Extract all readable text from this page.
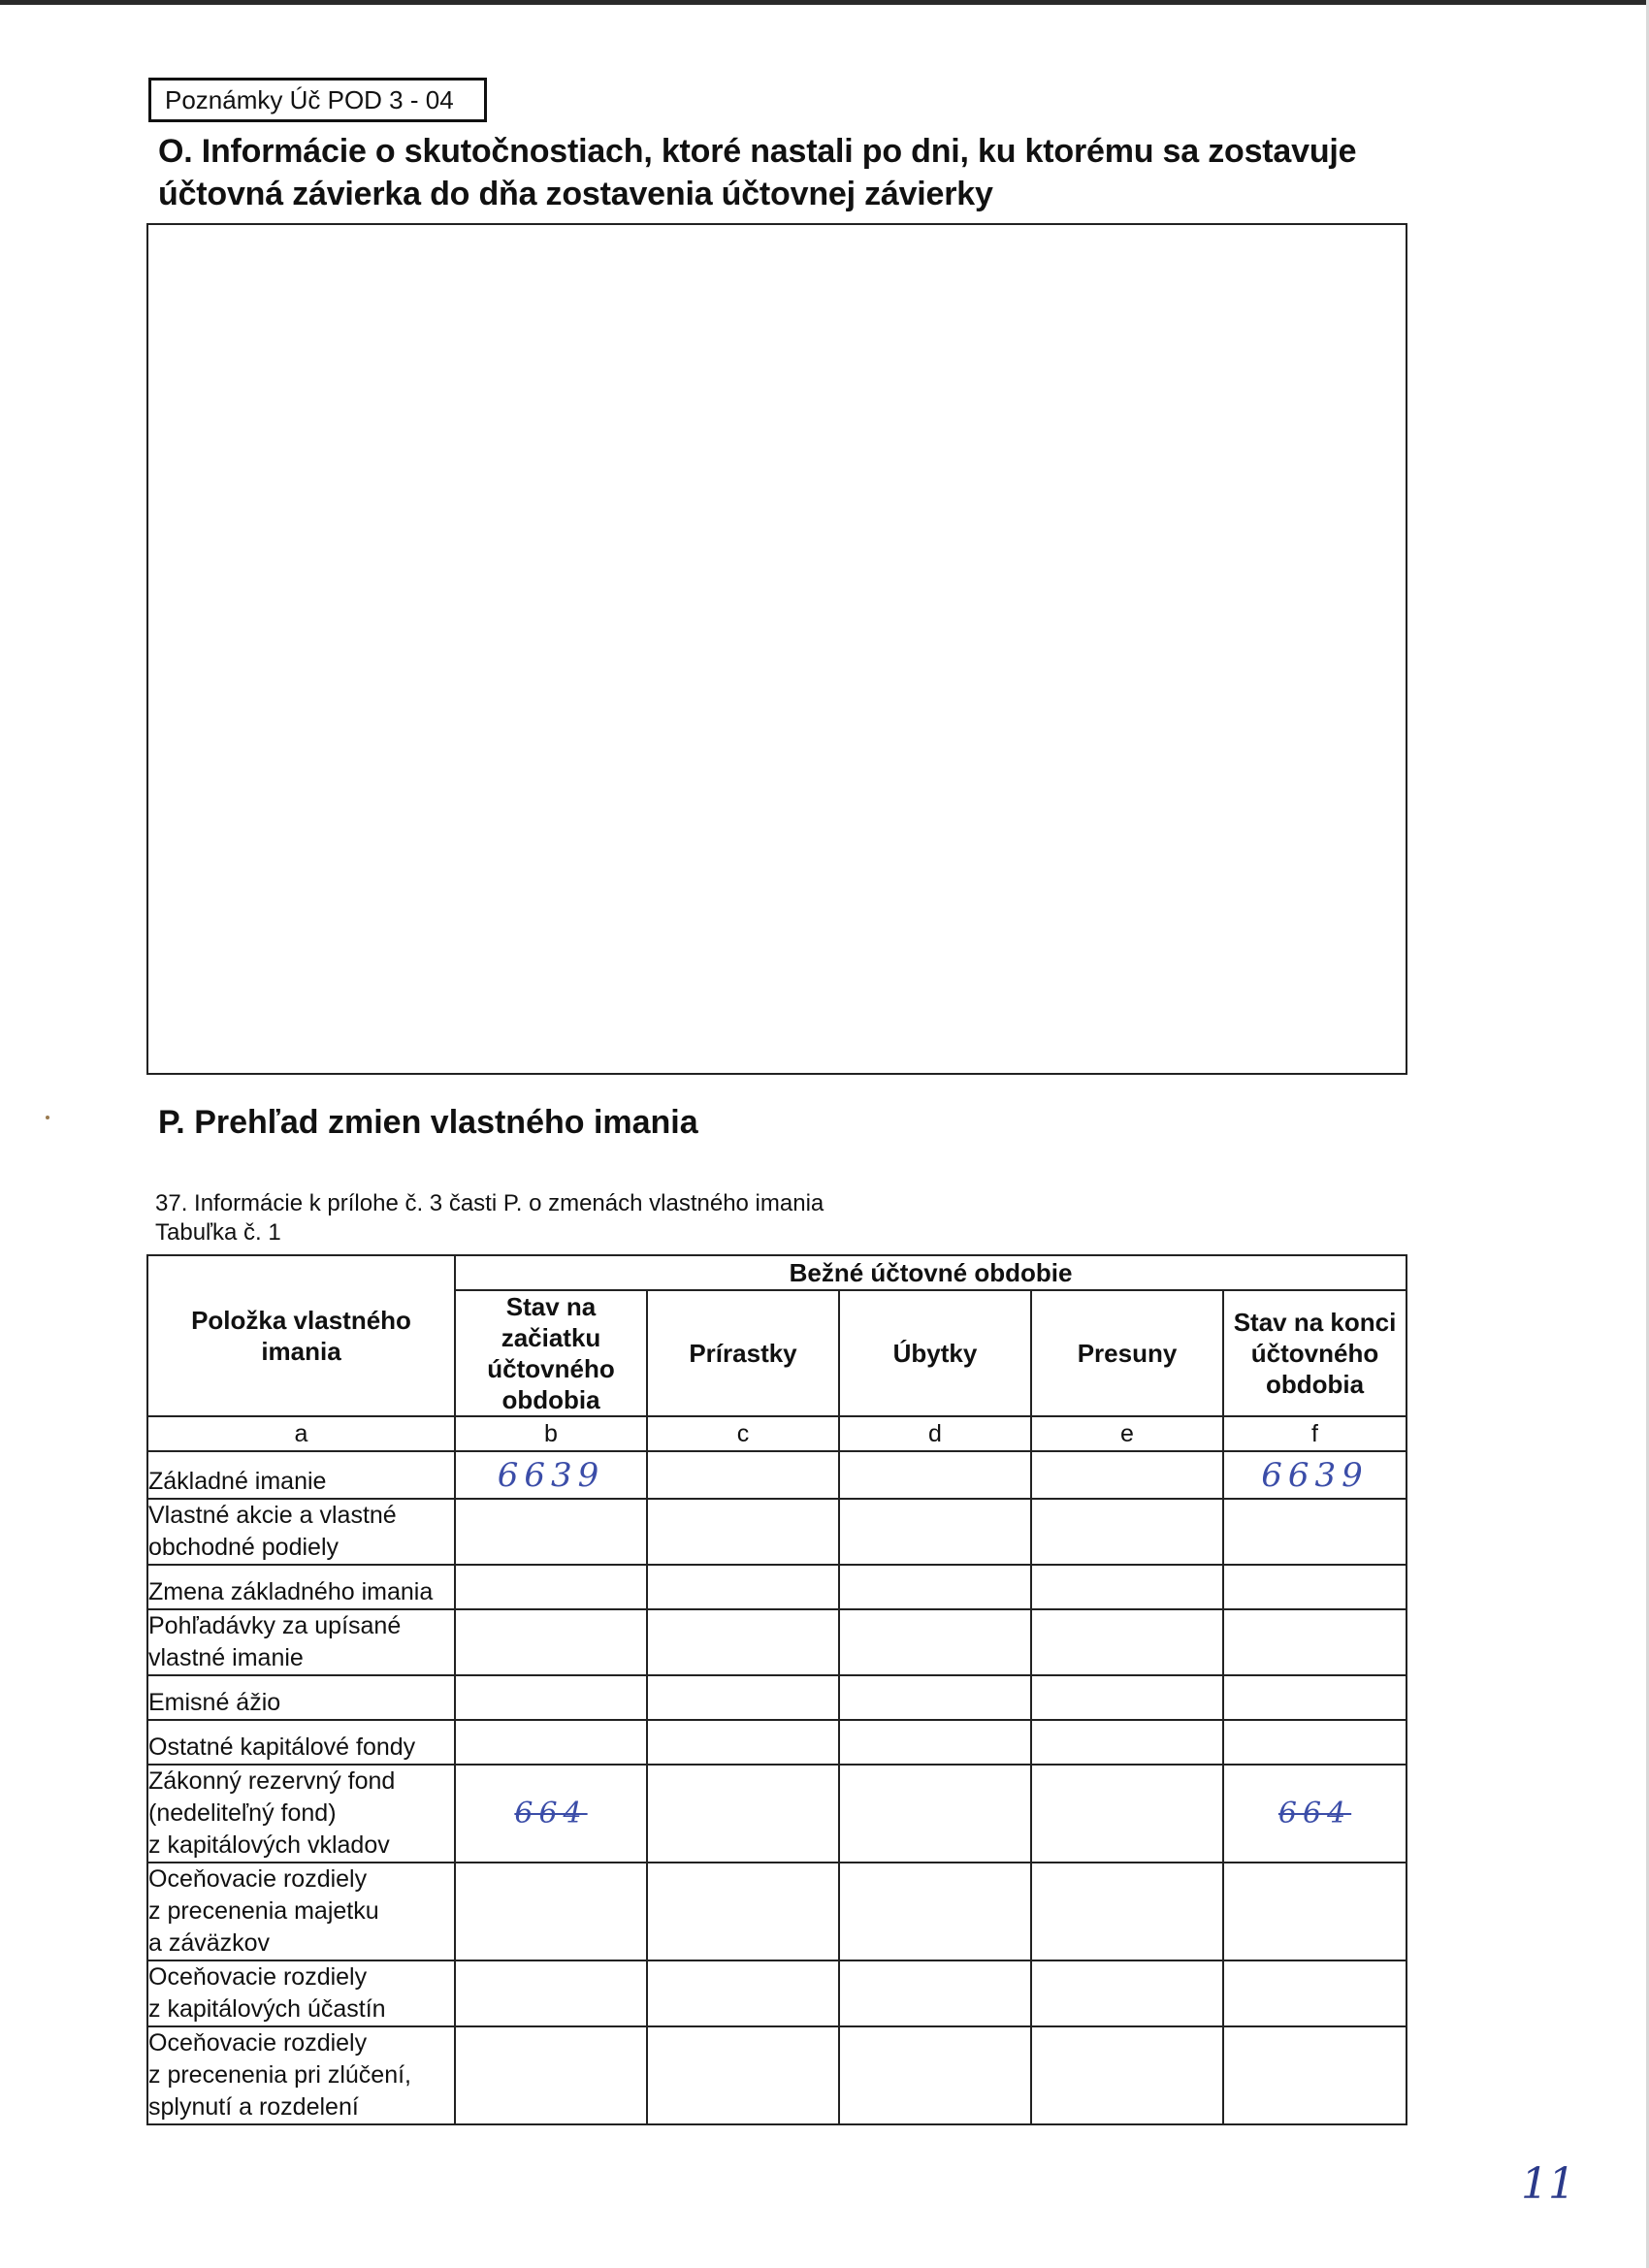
Poznámky Úč POD 3 - 04
O. Informácie o skutočnostiach, ktoré nastali po dni, ku ktorému sa zostavuje
účtovná závierka do dňa zostavenia účtovnej závierky
P. Prehľad zmien vlastného imania
37. Informácie k prílohe č. 3 časti P. o zmenách vlastného imania
Tabuľka č. 1
Položka vlastného imania	Bežné účtovné obdobie				
	Stav na začiatku účtovného obdobia	Prírastky	Úbytky	Presuny	Stav na konci účtovného obdobia
a	b	c	d	e	f

Základné imanie	6639				6639

Vlastné akcie a vlastné
obchodné podiely					

Zmena základného imania					

Pohľadávky za upísané
vlastné imanie					

Emisné ážio					

Ostatné kapitálové fondy					

Zákonný rezervný fond
(nedeliteľný fond)
z kapitálových vkladov	664				664

Oceňovacie rozdiely
z precenenia majetku
a záväzkov					

Oceňovacie rozdiely
z kapitálových účastín					

Oceňovacie rozdiely
z precenenia pri zlúčení,
splynutí a rozdelení					

11
